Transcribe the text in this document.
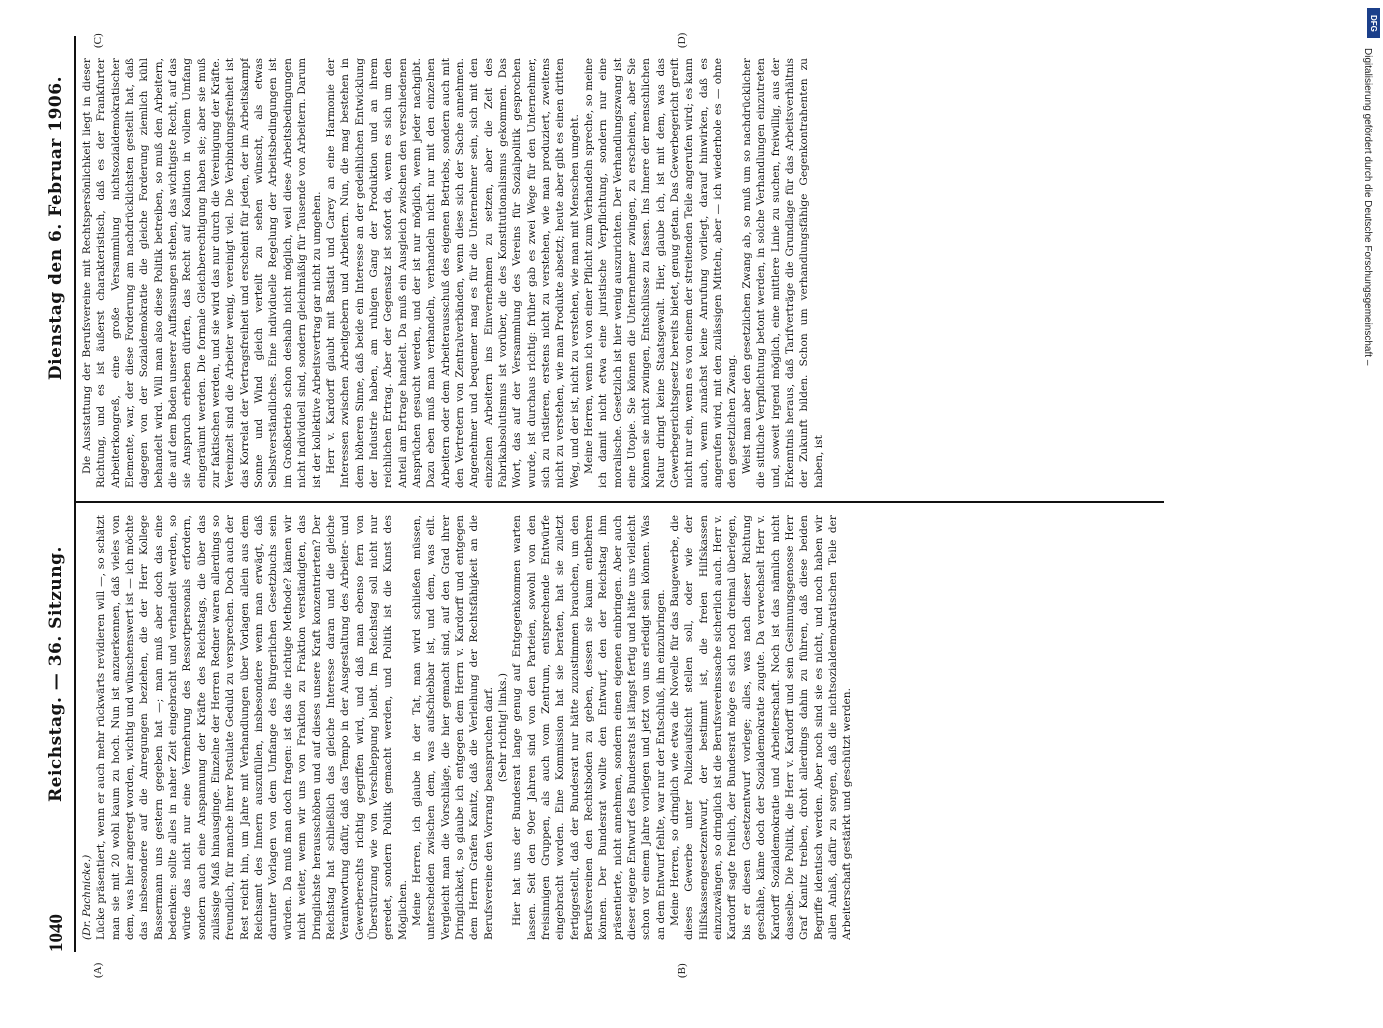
1040
Reichstag. — 36. Sitzung.
Dienstag den 6. Februar 1906.
(A)	(B)
(C)	(D)

(Dr. Pachnicke.) Lücke präsentiert, wenn er auch mehr rückwärts revidieren will —, so schätzt man sie mit 20 wohl kaum zu hoch. Nun ist anzuerkennen, daß vieles von dem, was hier angeregt worden, wichtig und wünschenswert ist — ich möchte das insbesondere auf die Anregungen beziehen, die der Herr Kollege Bassermann uns gestern gegeben hat —; man muß aber doch das eine bedenken: sollte alles in naher Zeit eingebracht und verhandelt werden, so würde das nicht nur eine Vermehrung des Ressortpersonals erfordern, sondern auch eine Anspannung der Kräfte des Reichstags, die über das zulässige Maß hinausginge. Einzelne der Herren Redner waren allerdings so freundlich, für manche ihrer Postulate Geduld zu versprechen. Doch auch der Rest reicht hin, um Jahre mit Verhandlungen über Vorlagen allein aus dem Reichsamt des Innern auszufüllen, insbesondere wenn man erwägt, daß darunter Vorlagen von dem Umfange des Bürgerlichen Gesetzbuchs sein würden. Da muß man doch fragen: ist das die richtige Methode? kämen wir nicht weiter, wenn wir uns von Fraktion zu Fraktion verständigten, das Dringlichste herausschöben und auf dieses unsere Kraft konzentrierten? Der Reichstag hat schließlich das gleiche Interesse daran und die gleiche Verantwortung dafür, daß das Tempo in der Ausgestaltung des Arbeiter- und Gewerberechts richtig gegriffen wird, und daß man ebenso fern von Überstürzung wie von Verschleppung bleibt. Im Reichstag soll nicht nur geredet, sondern Politik gemacht werden, und Politik ist die Kunst des Möglichen. Meine Herren, ich glaube in der Tat, man wird schließen müssen, unterscheiden zwischen dem, was aufschiebbar ist, und dem, was eilt. Vergleicht man die Vorschläge, die hier gemacht sind, auf den Grad ihrer Dringlichkeit, so glaube ich entgegen dem Herrn v. Kardorff und entgegen dem Herrn Grafen Kanitz, daß die Verleihung der Rechtsfähigkeit an die Berufsvereine den Vorrang beanspruchen darf. (Sehr richtig! links.) Hier hat uns der Bundesrat lange genug auf Entgegenkommen warten lassen. Seit den 90er Jahren sind von den Parteien, sowohl von den freisinnigen Gruppen, als auch vom Zentrum, entsprechende Entwürfe eingebracht worden. Eine Kommission hat sie beraten, hat sie zuletzt fertiggestellt, daß der Bundesrat nur hätte zuzustimmen brauchen, um den Berufsvereinen den Rechtsboden zu geben, dessen sie kaum entbehren können. Der Bundesrat wollte den Entwurf, den der Reichstag ihm präsentierte, nicht annehmen, sondern einen eigenen einbringen. Aber auch dieser eigene Entwurf des Bundesrats ist längst fertig und hätte uns vielleicht schon vor einem Jahre vorliegen und jetzt von uns erledigt sein können. Was an dem Entwurf fehlte, war nur der Entschluß, ihn einzubringen. Meine Herren, so dringlich wie etwa die Novelle für das Baugewerbe, die dieses Gewerbe unter Polizeiaufsicht stellen soll, oder wie der Hilfskassengesetzentwurf, der bestimmt ist, die freien Hilfskassen einzuzwängen, so dringlich ist die Berufsvereinssache sicherlich auch. Herr v. Kardorff sagte freilich, der Bundesrat möge es sich noch dreimal überlegen, bis er diesen Gesetzentwurf vorlege; alles, was nach dieser Richtung geschähe, käme doch der Sozialdemokratie zugute. Da verwechselt Herr v. Kardorff Sozialdemokratie und Arbeiterschaft. Noch ist das nämlich nicht dasselbe. Die Politik, die Herr v. Kardorff und sein Gesinnungsgenosse Herr Graf Kanitz treiben, droht allerdings dahin zu führen, daß diese beiden Begriffe identisch werden. Aber noch sind sie es nicht, und noch haben wir allen Anlaß, dafür zu sorgen, daß die nichtsozialdemokratischen Teile der Arbeiterschaft gestärkt und geschützt werden.

Die Ausstattung der Berufsvereine mit Rechtspersönlichkeit liegt in dieser Richtung, und es ist äußerst charakteristisch, daß es der Frankfurter Arbeiterkongreß, eine große Versammlung nichtsozialdemokratischer Elemente, war, der diese Forderung am nachdrücklichsten gestellt hat, daß dagegen von der Sozialdemokratie die gleiche Forderung ziemlich kühl behandelt wird. Will man also diese Politik betreiben, so muß den Arbeitern, die auf dem Boden unserer Auffassungen stehen, das wichtigste Recht, auf das sie Anspruch erheben dürfen, das Recht auf Koalition in vollem Umfang eingeräumt werden. Die formale Gleichberechtigung haben sie; aber sie muß zur faktischen werden, und sie wird das nur durch die Vereinigung der Kräfte. Vereinzelt sind die Arbeiter wenig, vereinigt viel. Die Verbindungsfreiheit ist das Korrelat der Vertragsfreiheit und erscheint für jeden, der im Arbeitskampf Sonne und Wind gleich verteilt zu sehen wünscht, als etwas Selbstverständliches. Eine individuelle Regelung der Arbeitsbedingungen ist im Großbetrieb schon deshalb nicht möglich, weil diese Arbeitsbedingungen nicht individuell sind, sondern gleichmäßig für Tausende von Arbeitern. Darum ist der kollektive Arbeitsvertrag gar nicht zu umgehen. Herr v. Kardorff glaubt mit Bastiat und Carey an eine Harmonie der Interessen zwischen Arbeitgebern und Arbeitern. Nun, die mag bestehen in dem höheren Sinne, daß beide ein Interesse an der gedeihlichen Entwicklung der Industrie haben, am ruhigen Gang der Produktion und an ihrem reichlichen Ertrag. Aber der Gegensatz ist sofort da, wenn es sich um den Anteil am Ertrage handelt. Da muß ein Ausgleich zwischen den verschiedenen Ansprüchen gesucht werden, und der ist nur möglich, wenn jeder nachgibt. Dazu eben muß man verhandeln, verhandeln nicht nur mit den einzelnen Arbeitern oder dem Arbeiterausschuß des eigenen Betriebs, sondern auch mit den Vertretern von Zentralverbänden, wenn diese sich der Sache annehmen. Angenehmer und bequemer mag es für die Unternehmer sein, sich mit den einzelnen Arbeitern ins Einvernehmen zu setzen, aber die Zeit des Fabrikabsolutismus ist vorüber, die des Konstitutionalismus gekommen. Das Wort, das auf der Versammlung des Vereins für Sozialpolitik gesprochen wurde, ist durchaus richtig: früher gab es zwei Wege für den Unternehmer, sich zu rüstieren, erstens nicht zu verstehen, wie man produziert, zweitens nicht zu verstehen, wie man Produkte absetzt; heute aber gibt es einen dritten Weg, und der ist, nicht zu verstehen, wie man mit Menschen umgeht. Meine Herren, wenn ich von einer Pflicht zum Verhandeln spreche, so meine ich damit nicht etwa eine juristische Verpflichtung, sondern nur eine moralische. Gesetzlich ist hier wenig auszurichten. Der Verhandlungszwang ist eine Utopie. Sie können die Unternehmer zwingen, zu erscheinen, aber Sie können sie nicht zwingen, Entschlüsse zu fassen. Ins Innere der menschlichen Natur dringt keine Staatsgewalt. Hier, glaube ich, ist mit dem, was das Gewerbegerichtsgesetz bereits bietet, genug getan. Das Gewerbegericht greift nicht nur ein, wenn es von einem der streitenden Teile angerufen wird; es kann auch, wenn zunächst keine Anrufung vorliegt, darauf hinwirken, daß es angerufen wird, mit den zulässigen Mitteln, aber — ich wiederhole es — ohne den gesetzlichen Zwang. Weist man aber den gesetzlichen Zwang ab, so muß um so nachdrücklicher die sittliche Verpflichtung betont werden, in solche Verhandlungen einzutreten und, soweit irgend möglich, eine mittlere Linie zu suchen, freiwillig, aus der Erkenntnis heraus, daß Tarifverträge die Grundlage für das Arbeitsverhältnis der Zukunft bilden. Schon um verhandlungsfähige Gegenkontrahenten zu haben, ist

DFG
Digitalisierung gefördert durch die Deutsche Forschungsgemeinschaft –
